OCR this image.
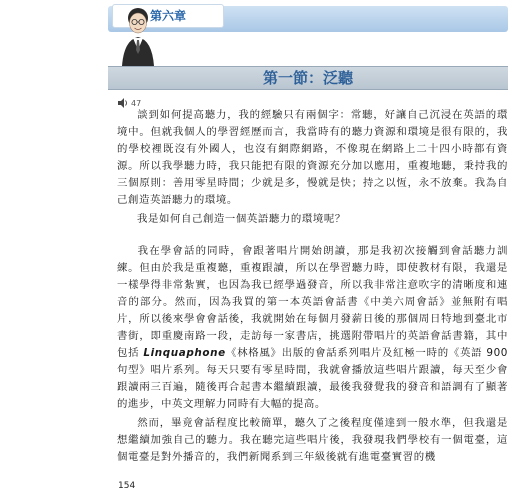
第六章
第一節：泛聽
47

談到如何提高聽力，我的經驗只有兩個字：常聽，好讓自己沉浸在英語的環境中。但就我個人的學習經歷而言，我當時有的聽力資源和環境是很有限的，我的學校裡既沒有外國人，也沒有網際網路，不像現在網路上二十四小時都有資源。所以我學聽力時，我只能把有限的資源充分加以應用，重複地聽，秉持我的三個原則：善用零星時間；少就是多，慢就是快；持之以恆，永不放棄。我為自己創造英語聽力的環境。

我是如何自己創造一個英語聽力的環境呢？

我在學會話的同時，會跟著唱片開始朗讀，那是我初次接觸到會話聽力訓練。但由於我是重複聽，重複跟讀，所以在學習聽力時，即使教材有限，我還是一樣學得非常紮實，也因為我已經學過發音，所以我非常注意吹字的清晰度和連音的部分。然而，因為我買的第一本英語會話書《中美六周會話》並無附有唱片，所以後來學會會話後，我就開始在每個月發薪日後的那個周日特地到臺北市書街，即重慶南路一段，走訪每一家書店，挑選附帶唱片的英語會話書籍，其中包括 Linquaphone《林格風》出版的會話系列唱片及紅極一時的《英語 900 句型》唱片系列。每天只要有零星時間，我就會播放這些唱片跟讀，每天至少會跟讀兩三百遍，隨後再合起書本繼續跟讀，最後我發覺我的發音和語調有了顯著的進步，中英文理解力同時有大幅的提高。

然而，畢竟會話程度比較簡單，聽久了之後程度僅達到一般水準，但我還是想繼續加強自己的聽力。我在聽完這些唱片後，我發現我們學校有一個電臺，這個電臺是對外播音的，我們新聞系到三年級後就有進電臺實習的機

154
